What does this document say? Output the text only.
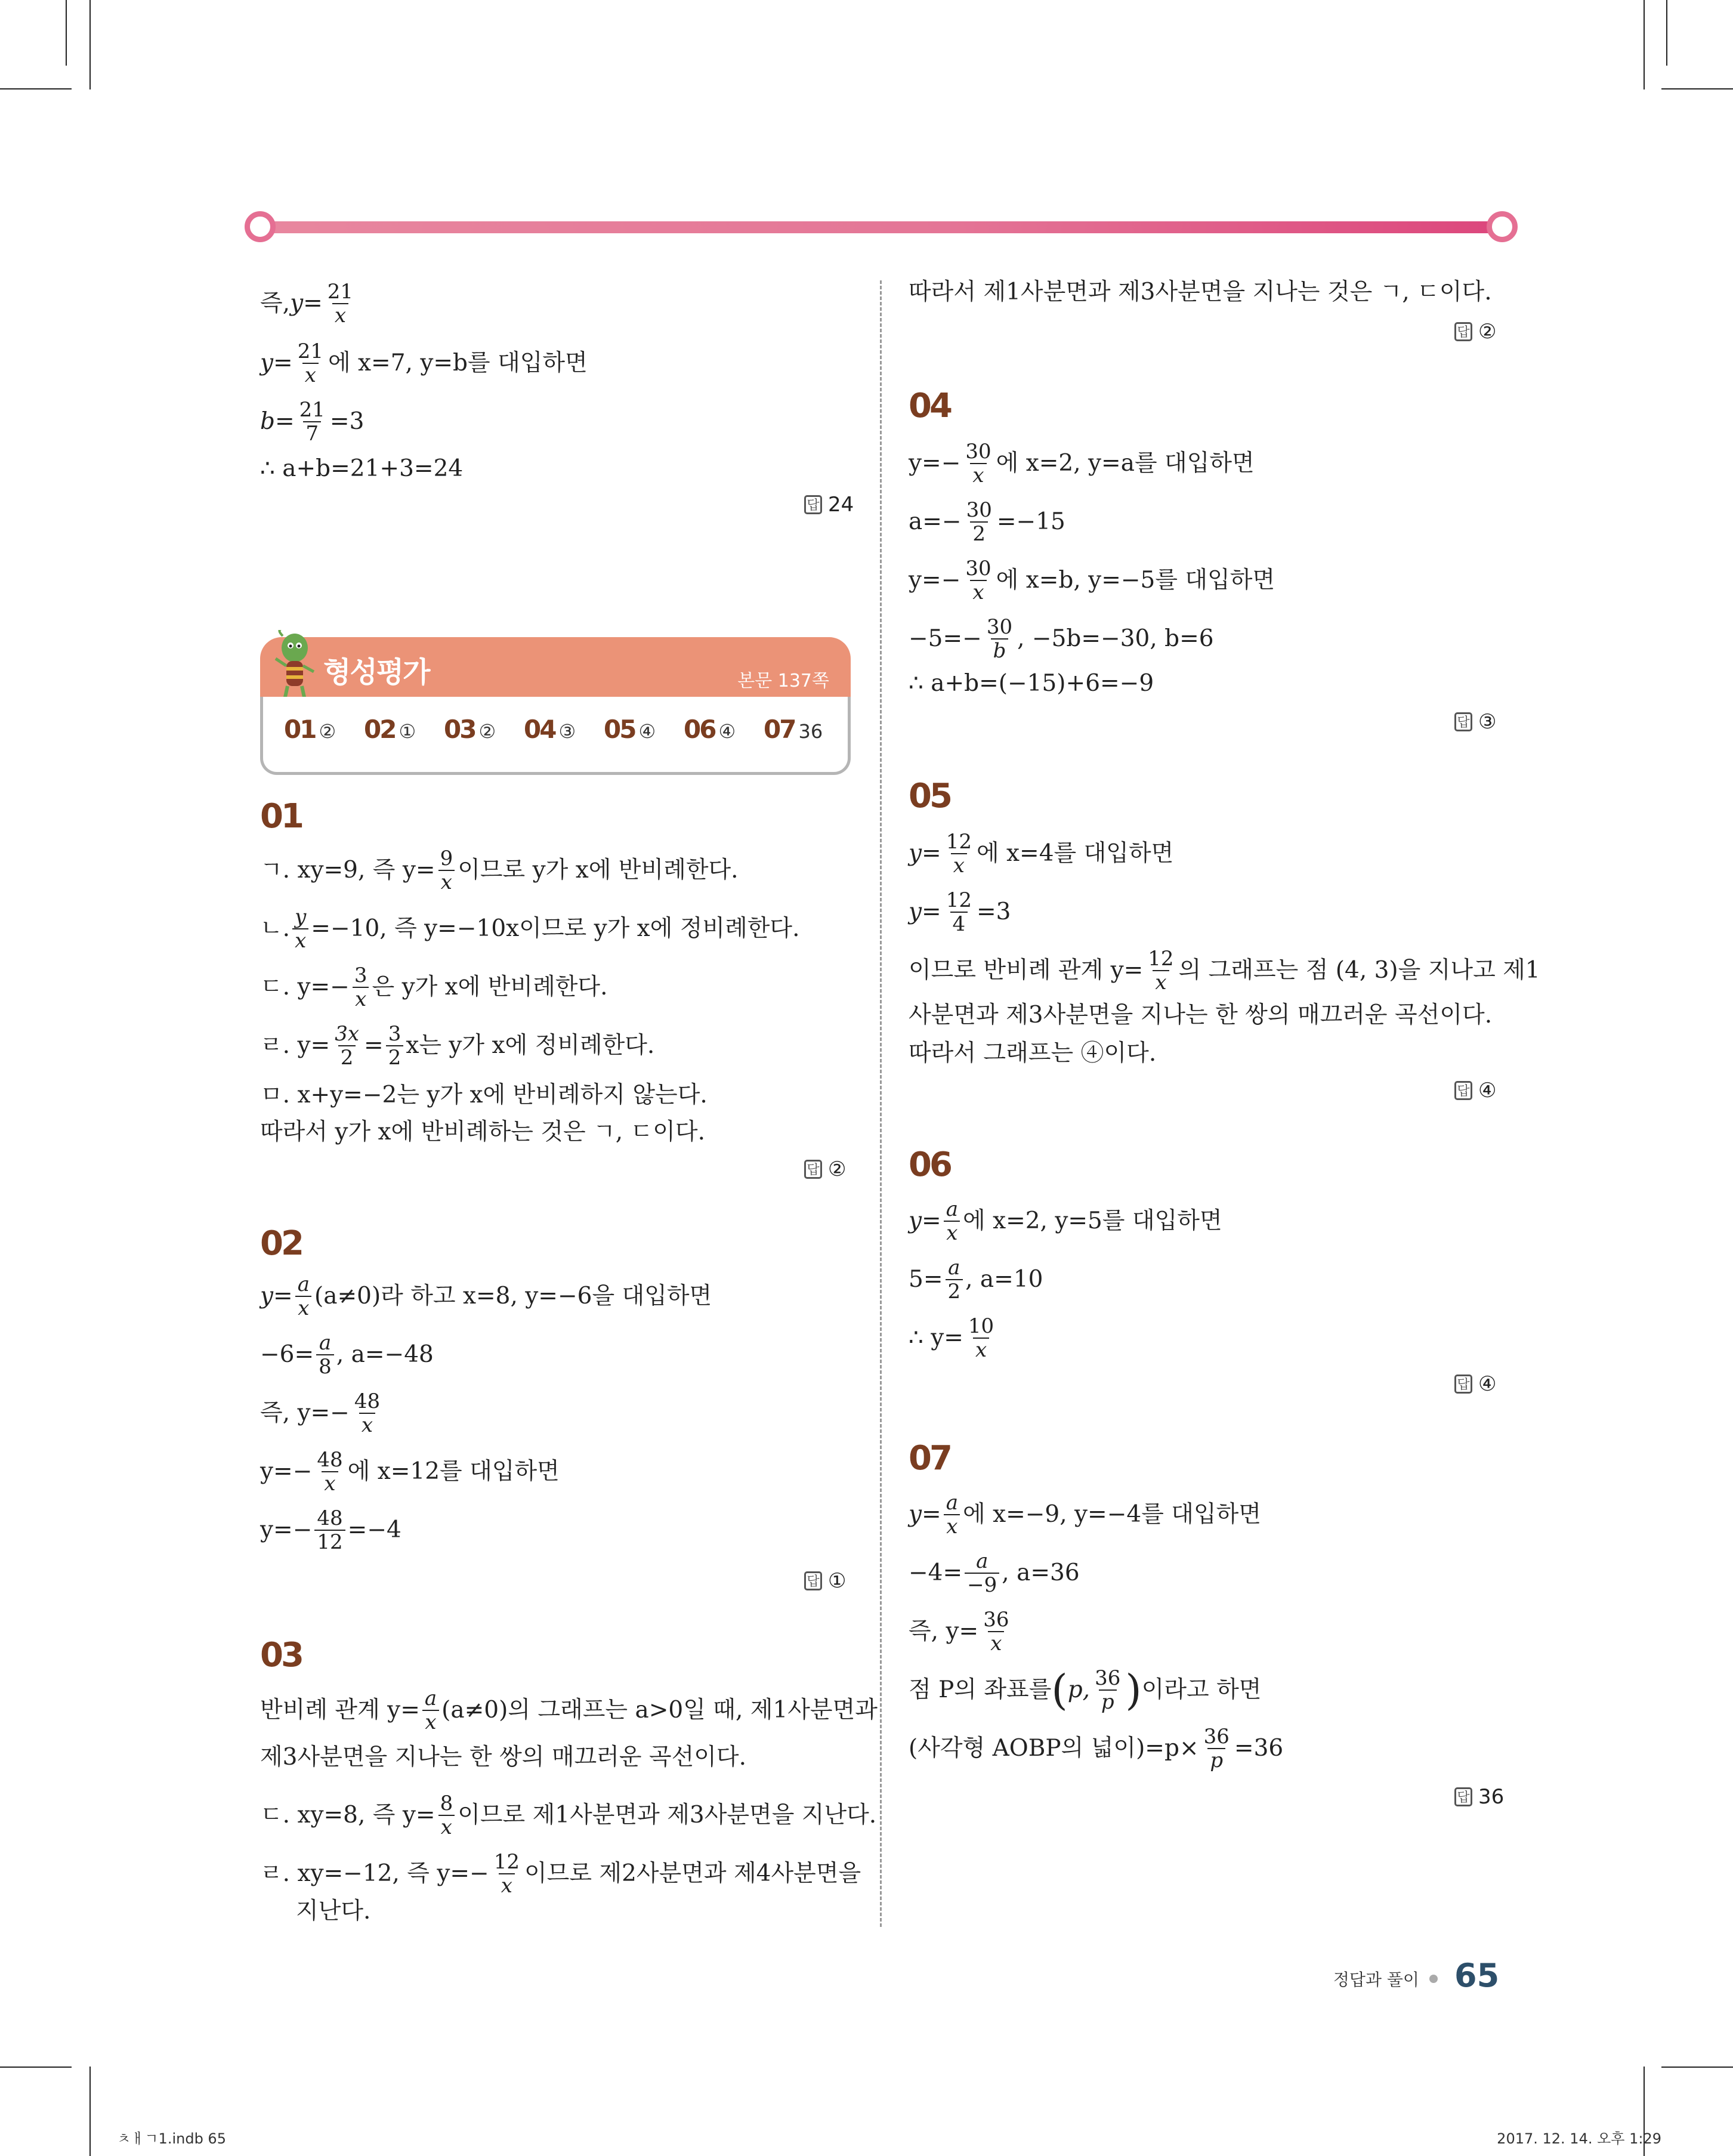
즉, $y= \frac{21}{x}$
$y= \frac{21}{x}$ 에 x=7, y=b를 대입하면
$b= \frac{21}{7} =3$
∴ a+b=21+3=24
답 24
형성평가	본문 137쪽
01 ② 02 ① 03 ② 04 ③ 05 ④ 06 ④ 07 36
01
ㄱ. xy=9, 즉 $y= \frac{9}{x}$ 이므로 y가 x에 반비례한다.
ㄴ. $\frac{y}{x} =-10$, 즉 y=−10x이므로 y가 x에 정비례한다.
ㄷ. $y=- \frac{3}{x}$ 은 y가 x에 반비례한다.
ㄹ. $y= \frac{3x}{2} = \frac{3}{2}$ x는 y가 x에 정비례한다.
ㅁ. x+y=−2는 y가 x에 반비례하지 않는다.
따라서 y가 x에 반비례하는 것은 ㄱ, ㄷ이다.
답 ②
02
$y= \frac{a}{x} (a\ne 0)$라 하고 x=8, y=−6을 대입하면
$-6= \frac{a}{8}$ , a=−48
즉, $y=- \frac{48}{x}$
$y=- \frac{48}{x}$ 에 x=12를 대입하면
$y=- \frac{48}{12} =-4$
답 ①
03
반비례 관계 $y= \frac{a}{x} (a\ne 0)$의 그래프는 a>0일 때, 제1사분면과
제3사분면을 지나는 한 쌍의 매끄러운 곡선이다.
ㄷ. xy=8, 즉 $y= \frac{8}{x}$ 이므로 제1사분면과 제3사분면을 지난다.
ㄹ. xy=−12, 즉 $y=- \frac{12}{x}$ 이므로 제2사분면과 제4사분면을
지난다.
따라서 제1사분면과 제3사분면을 지나는 것은 ㄱ, ㄷ이다.
답 ②
04
$y=- \frac{30}{x}$ 에 x=2, y=a를 대입하면
$a=- \frac{30}{2} =-15$
$y=- \frac{30}{x}$ 에 x=b, y=−5를 대입하면
$-5=- \frac{30}{b}$ , −5b=−30, b=6
∴ a+b=(−15)+6=−9
답 ③
05
$y= \frac{12}{x}$ 에 x=4를 대입하면
$y= \frac{12}{4} =3$
이므로 반비례 관계 $y= \frac{12}{x}$ 의 그래프는 점 (4, 3)을 지나고 제1
사분면과 제3사분면을 지나는 한 쌍의 매끄러운 곡선이다.
따라서 그래프는 ④이다.
답 ④
06
$y= \frac{a}{x}$ 에 x=2, y=5를 대입하면
$5= \frac{a}{2}$ , a=10
∴ $y= \frac{10}{x}$
답 ④
07
$y= \frac{a}{x}$ 에 x=−9, y=−4를 대입하면
$-4= \frac{a}{-9}$ , a=36
즉, $y= \frac{36}{x}$
점 P의 좌표를 ( p, $\frac{36}{p}$ ) 이라고 하면
(사각형 AOBP의 넓이)$=p\times \frac{36}{p} =36$
답 36
정답과 풀이 65
ㅊㅐㄱ1.indb 65	2017. 12. 14. 오후 1:29
